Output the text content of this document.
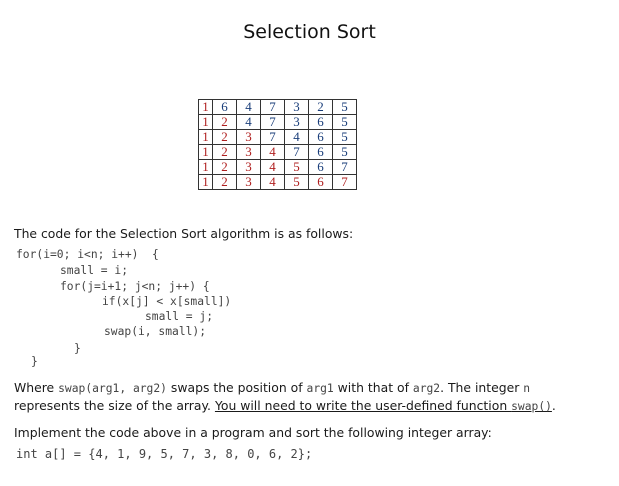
Selection Sort
1	6	4	7	3	2	5
1	2	4	7	3	6	5
1	2	3	7	4	6	5
1	2	3	4	7	6	5
1	2	3	4	5	6	7
1	2	3	4	5	6	7
The code for the Selection Sort algorithm is as follows:
for(i=0; i<n; i++)  {
small = i;
for(j=i+1; j<n; j++) {
if(x[j] < x[small])
small = j;
swap(i, small);
}
}
Where swap(arg1, arg2) swaps the position of arg1 with that of arg2. The integer n
represents the size of the array. You will need to write the user-defined function swap().
Implement the code above in a program and sort the following integer array:
int a[] = {4, 1, 9, 5, 7, 3, 8, 0, 6, 2};
